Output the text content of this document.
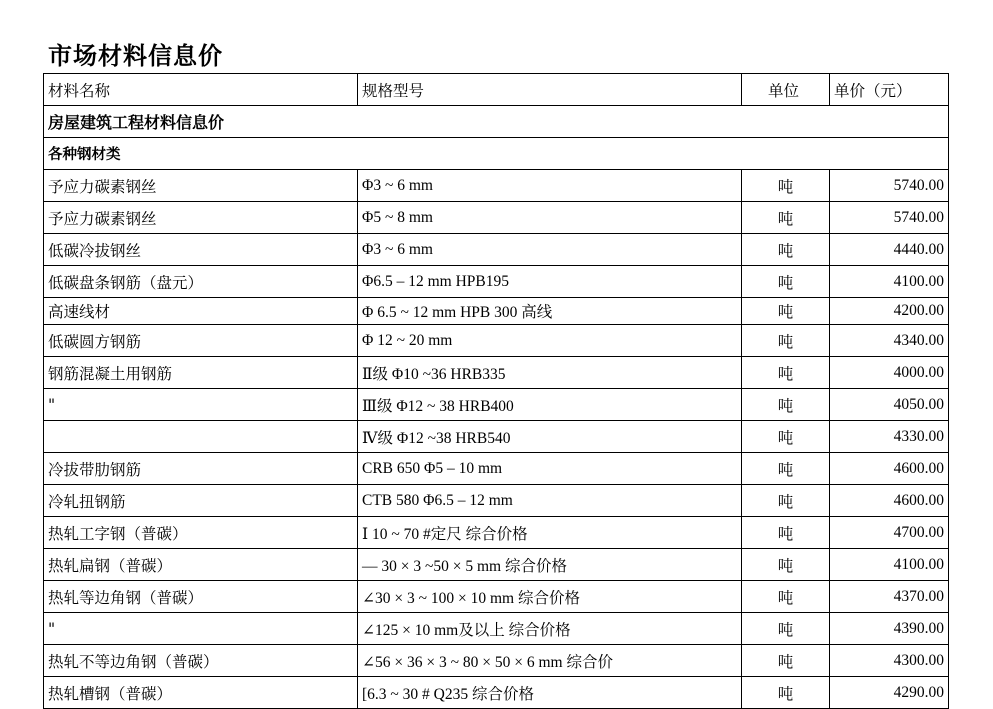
市场材料信息价
材料名称	规格型号	单位	单价（元）
房屋建筑工程材料信息价			
各种钢材类			
予应力碳素钢丝	Φ3 ~ 6 mm	吨	5740.00
予应力碳素钢丝	Φ5 ~ 8 mm	吨	5740.00
低碳冷拔钢丝	Φ3 ~ 6 mm	吨	4440.00
低碳盘条钢筋（盘元）	Φ6.5 – 12 mm HPB195	吨	4100.00
高速线材	Φ 6.5 ~ 12 mm HPB 300 高线	吨	4200.00
低碳圆方钢筋	Φ 12 ~ 20 mm	吨	4340.00
钢筋混凝土用钢筋	Ⅱ级 Φ10 ~36 HRB335	吨	4000.00
"	Ⅲ级 Φ12 ~ 38 HRB400	吨	4050.00
	Ⅳ级 Φ12 ~38 HRB540	吨	4330.00
冷拔带肋钢筋	CRB 650 Φ5 – 10 mm	吨	4600.00
冷轧扭钢筋	CTB 580 Φ6.5 – 12 mm	吨	4600.00
热轧工字钢（普碳）	Ⅰ 10 ~ 70 #定尺 综合价格	吨	4700.00
热轧扁钢（普碳）	— 30 × 3 ~50 × 5 mm 综合价格	吨	4100.00
热轧等边角钢（普碳）	∠30 × 3 ~ 100 × 10 mm 综合价格	吨	4370.00
"	∠125 × 10 mm及以上 综合价格	吨	4390.00
热轧不等边角钢（普碳）	∠56 × 36 × 3 ~ 80 × 50 × 6 mm 综合价	吨	4300.00
热轧槽钢（普碳）	[6.3 ~ 30 # Q235 综合价格	吨	4290.00
